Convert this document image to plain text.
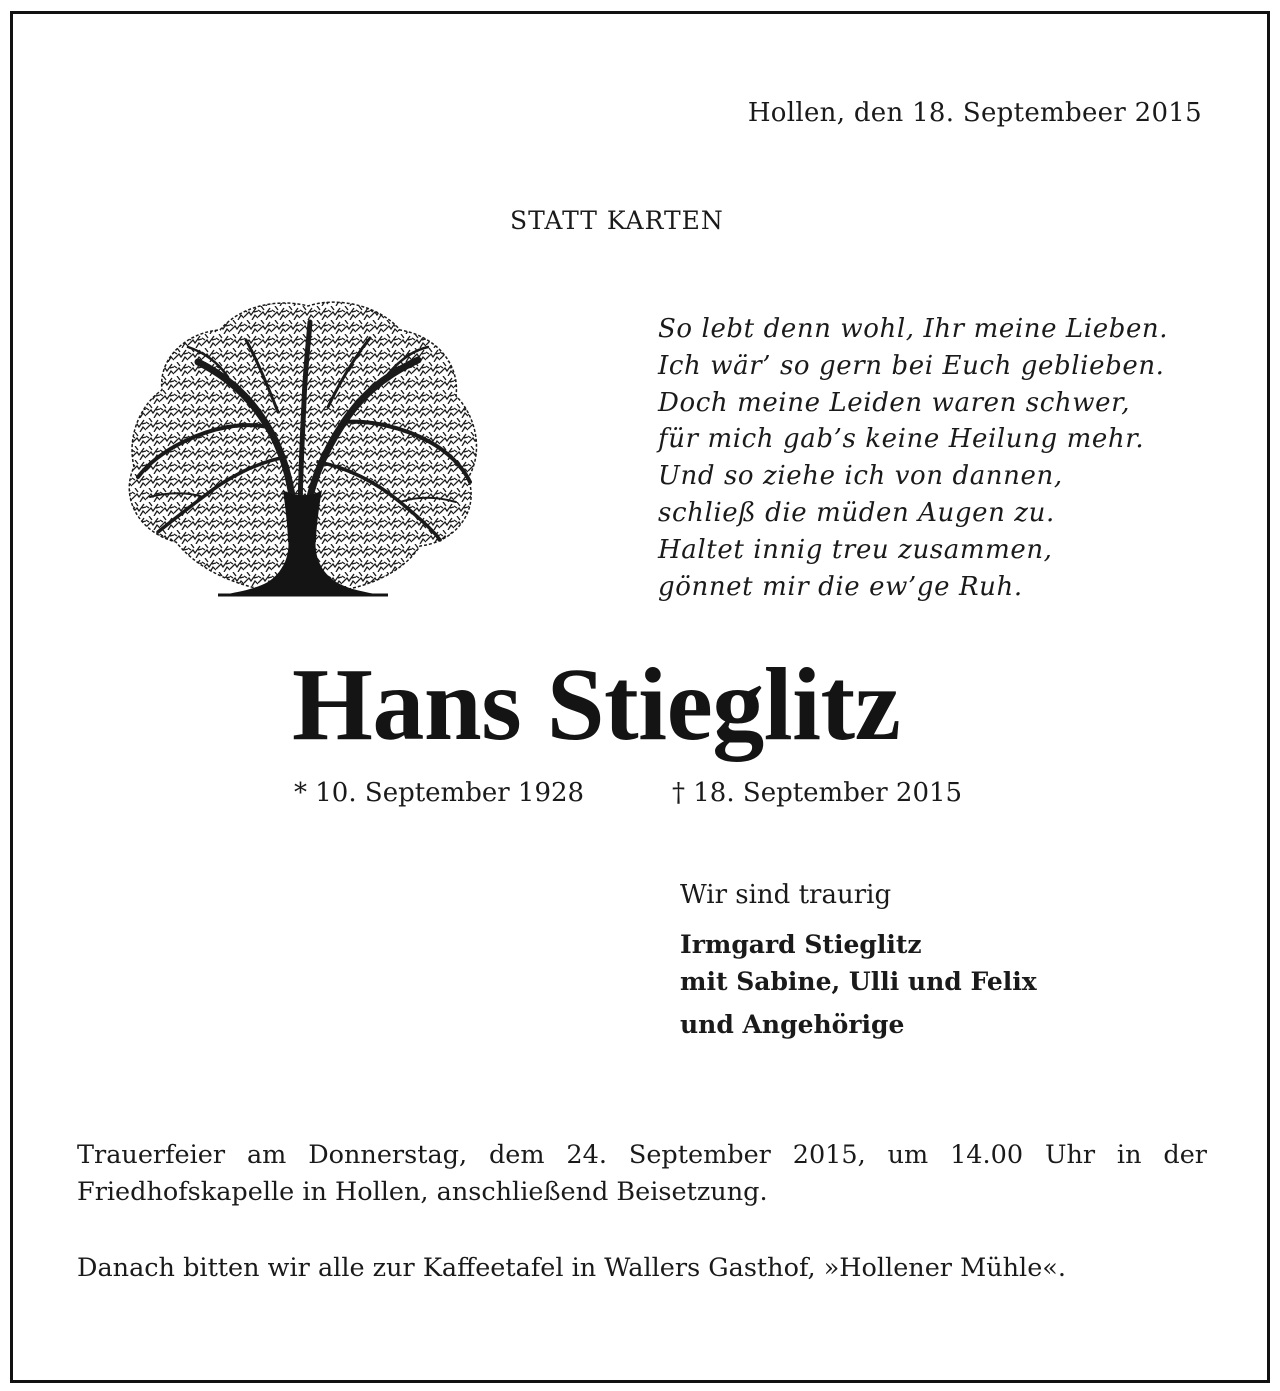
Hollen, den 18. Septembeer 2015
STATT KARTEN
So lebt denn wohl, Ihr meine Lieben.
Ich wär’ so gern bei Euch geblieben.
Doch meine Leiden waren schwer,
für mich gab’s keine Heilung mehr.
Und so ziehe ich von dannen,
schließ die müden Augen zu.
Haltet innig treu zusammen,
gönnet mir die ew’ge Ruh.
Hans Stieglitz
* 10. September 1928	† 18. September 2015
Wir sind traurig
Irmgard Stieglitz
mit Sabine, Ulli und Felix
und Angehörige
Trauerfeier am Donnerstag, dem 24. September 2015, um 14.00 Uhr in der
Friedhofskapelle in Hollen, anschließend Beisetzung.
Danach bitten wir alle zur Kaffeetafel in Wallers Gasthof, »Hollener Mühle«.
